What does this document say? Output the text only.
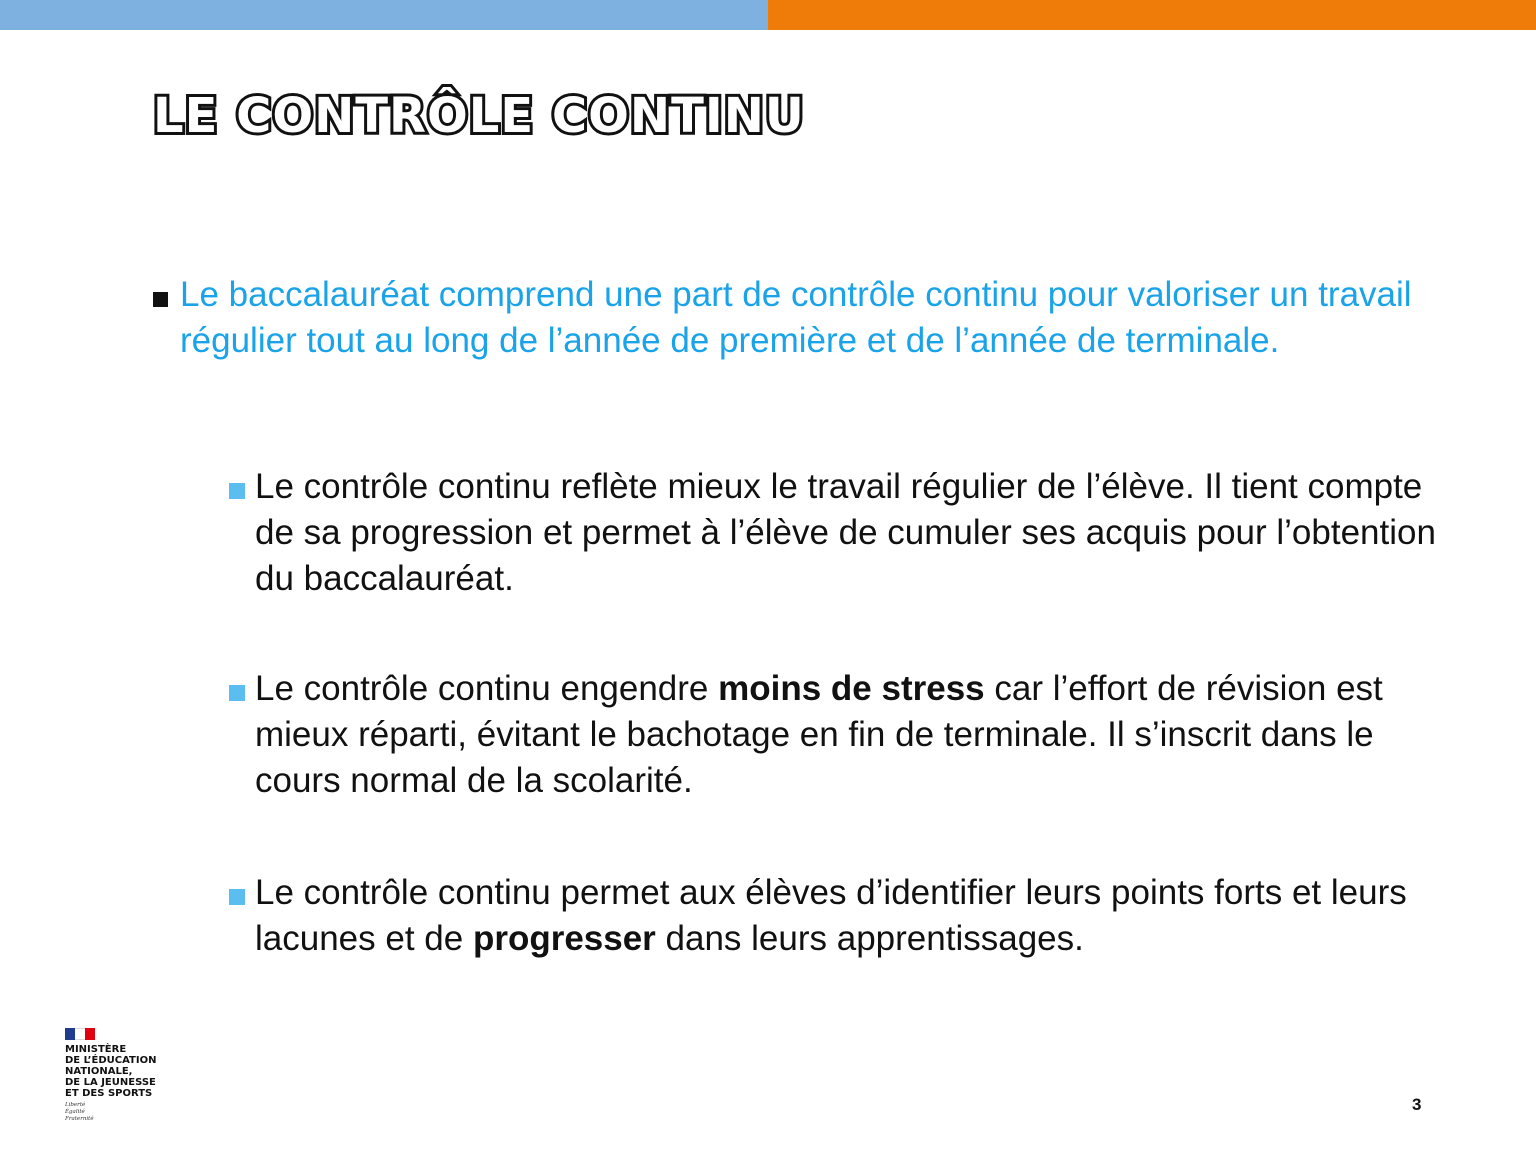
LE CONTRÔLE CONTINU
Le baccalauréat comprend une part de contrôle continu pour valoriser un travail régulier tout au long de l’année de première et de l’année de terminale.
Le contrôle continu reflète mieux le travail régulier de l’élève. Il tient compte de sa progression et permet à l’élève de cumuler ses acquis pour l’obtention du baccalauréat.
Le contrôle continu engendre moins de stress car l’effort de révision est mieux réparti, évitant le bachotage en fin de terminale. Il s’inscrit dans le cours normal de la scolarité.
Le contrôle continu permet aux élèves d’identifier leurs points forts et leurs lacunes et de progresser dans leurs apprentissages.
MINISTÈRE
DE L’ÉDUCATION
NATIONALE,
DE LA JEUNESSE
ET DES SPORTS
Liberté
Égalité
Fraternité
3
